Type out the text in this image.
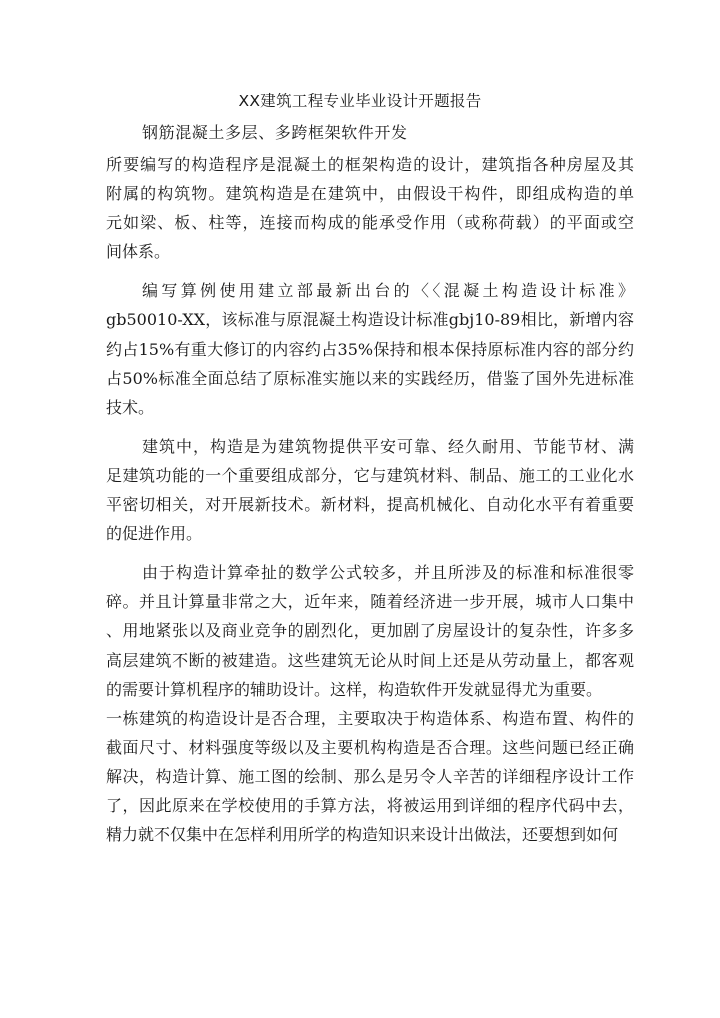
XX建筑工程专业毕业设计开题报告
钢筋混凝土多层、多跨框架软件开发

所要编写的构造程序是混凝土的框架构造的设计，建筑指各种房屋及其
附属的构筑物。建筑构造是在建筑中，由假设干构件，即组成构造的单
元如梁、板、柱等，连接而构成的能承受作用（或称荷载）的平面或空
间体系。

编写算例使用建立部最新出台的〈〈混凝土构造设计标准》
gb50010-XX，该标准与原混凝土构造设计标准gbj10-89相比，新增内容
约占15%有重大修订的内容约占35%保持和根本保持原标准内容的部分约
占50%标准全面总结了原标准实施以来的实践经历，借鉴了国外先进标准
技术。

建筑中，构造是为建筑物提供平安可靠、经久耐用、节能节材、满
足建筑功能的一个重要组成部分，它与建筑材料、制品、施工的工业化水
平密切相关，对开展新技术。新材料，提高机械化、自动化水平有着重要
的促进作用。

由于构造计算牵扯的数学公式较多，并且所涉及的标准和标准很零
碎。并且计算量非常之大，近年来，随着经济进一步开展，城市人口集中
、用地紧张以及商业竞争的剧烈化，更加剧了房屋设计的复杂性，许多多
高层建筑不断的被建造。这些建筑无论从时间上还是从劳动量上，都客观
的需要计算机程序的辅助设计。这样，构造软件开发就显得尤为重要。

一栋建筑的构造设计是否合理，主要取决于构造体系、构造布置、构件的
截面尺寸、材料强度等级以及主要机构构造是否合理。这些问题已经正确
解决，构造计算、施工图的绘制、那么是另令人辛苦的详细程序设计工作
了，因此原来在学校使用的手算方法，将被运用到详细的程序代码中去，
精力就不仅集中在怎样利用所学的构造知识来设计出做法，还要想到如何
